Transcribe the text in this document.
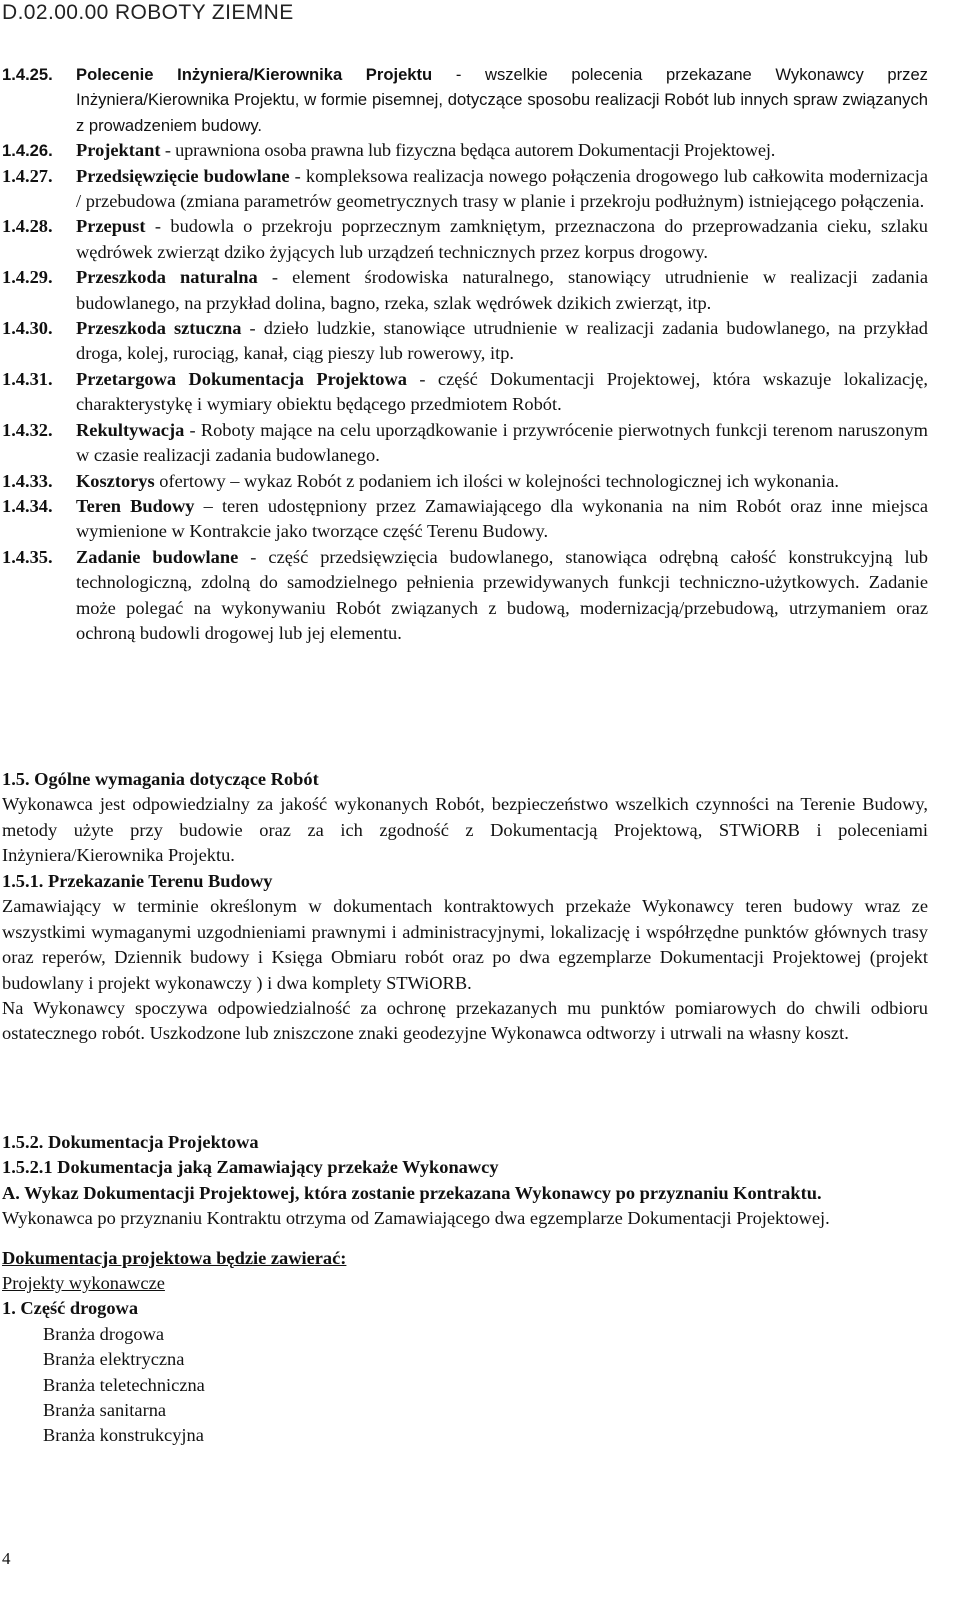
D.02.00.00 ROBOTY ZIEMNE
1.4.25. Polecenie Inżyniera/Kierownika Projektu - wszelkie polecenia przekazane Wykonawcy przez Inżyniera/Kierownika Projektu, w formie pisemnej, dotyczące sposobu realizacji Robót lub innych spraw związanych z prowadzeniem budowy.
1.4.26. Projektant - uprawniona osoba prawna lub fizyczna będąca autorem Dokumentacji Projektowej.
1.4.27. Przedsięwzięcie budowlane - kompleksowa realizacja nowego połączenia drogowego lub całkowita modernizacja / przebudowa (zmiana parametrów geometrycznych trasy w planie i przekroju podłużnym) istniejącego połączenia.
1.4.28. Przepust - budowla o przekroju poprzecznym zamkniętym, przeznaczona do przeprowadzania cieku, szlaku wędrówek zwierząt dziko żyjących lub urządzeń technicznych przez korpus drogowy.
1.4.29. Przeszkoda naturalna - element środowiska naturalnego, stanowiący utrudnienie w realizacji zadania budowlanego, na przykład dolina, bagno, rzeka, szlak wędrówek dzikich zwierząt, itp.
1.4.30. Przeszkoda sztuczna - dzieło ludzkie, stanowiące utrudnienie w realizacji zadania budowlanego, na przykład droga, kolej, rurociąg, kanał, ciąg pieszy lub rowerowy, itp.
1.4.31. Przetargowa Dokumentacja Projektowa - część Dokumentacji Projektowej, która wskazuje lokalizację, charakterystykę i wymiary obiektu będącego przedmiotem Robót.
1.4.32. Rekultywacja - Roboty mające na celu uporządkowanie i przywrócenie pierwotnych funkcji terenom naruszonym w czasie realizacji zadania budowlanego.
1.4.33. Kosztorys ofertowy – wykaz Robót z podaniem ich ilości w kolejności technologicznej ich wykonania.
1.4.34. Teren Budowy – teren udostępniony przez Zamawiającego dla wykonania na nim Robót oraz inne miejsca wymienione w Kontrakcie jako tworzące część Terenu Budowy.
1.4.35. Zadanie budowlane - część przedsięwzięcia budowlanego, stanowiąca odrębną całość konstrukcyjną lub technologiczną, zdolną do samodzielnego pełnienia przewidywanych funkcji techniczno-użytkowych. Zadanie może polegać na wykonywaniu Robót związanych z budową, modernizacją/przebudową, utrzymaniem oraz ochroną budowli drogowej lub jej elementu.
1.5. Ogólne wymagania dotyczące Robót
Wykonawca jest odpowiedzialny za jakość wykonanych Robót, bezpieczeństwo wszelkich czynności na Terenie Budowy, metody użyte przy budowie oraz za ich zgodność z Dokumentacją Projektową, STWiORB i poleceniami Inżyniera/Kierownika Projektu.
1.5.1. Przekazanie Terenu Budowy
Zamawiający w terminie określonym w dokumentach kontraktowych przekaże Wykonawcy teren budowy wraz ze wszystkimi wymaganymi uzgodnieniami prawnymi i administracyjnymi, lokalizację i współrzędne punktów głównych trasy oraz reperów, Dziennik budowy i Księga Obmiaru robót oraz po dwa egzemplarze Dokumentacji Projektowej (projekt budowlany i projekt wykonawczy ) i dwa komplety STWiORB.
Na Wykonawcy spoczywa odpowiedzialność za ochronę przekazanych mu punktów pomiarowych do chwili odbioru ostatecznego robót. Uszkodzone lub zniszczone znaki geodezyjne Wykonawca odtworzy i utrwali na własny koszt.
1.5.2. Dokumentacja Projektowa
1.5.2.1 Dokumentacja jaką Zamawiający przekaże Wykonawcy
A. Wykaz Dokumentacji Projektowej, która zostanie przekazana Wykonawcy po przyznaniu Kontraktu.
Wykonawca po przyznaniu Kontraktu otrzyma od Zamawiającego dwa egzemplarze Dokumentacji Projektowej.
Dokumentacja projektowa będzie zawierać:
Projekty wykonawcze
1. Część drogowa
Branża drogowa
Branża elektryczna
Branża teletechniczna
Branża sanitarna
Branża konstrukcyjna
4
